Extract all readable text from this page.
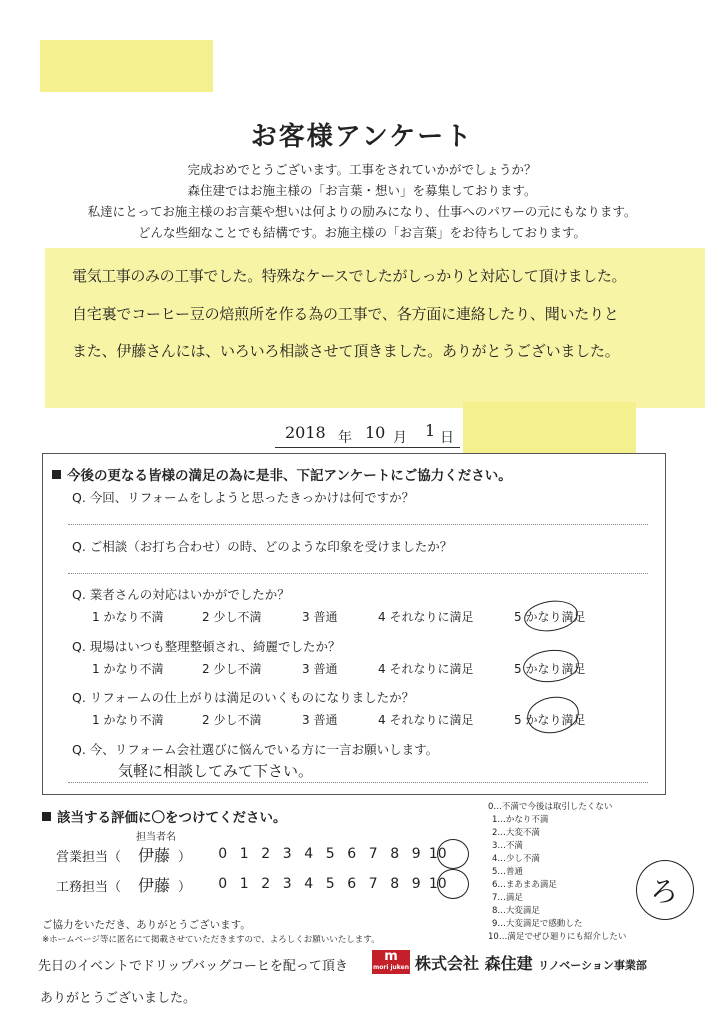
お客様アンケート
完成おめでとうございます。工事をされていかがでしょうか？
森住建ではお施主様の「お言葉・想い」を募集しております。
私達にとってお施主様のお言葉や想いは何よりの励みになり、仕事へのパワーの元にもなります。
どんな些細なことでも結構です。お施主様の「お言葉」をお待ちしております。
電気工事のみの工事でした。特殊なケースでしたがしっかりと対応して頂けました。
自宅裏でコーヒー豆の焙煎所を作る為の工事で、各方面に連絡したり、聞いたりと
また、伊藤さんには、いろいろ相談させて頂きました。ありがとうございました。
2018 年 10 月 1 日
今後の更なる皆様の満足の為に是非、下記アンケートにご協力ください。
Q. 今回、リフォームをしようと思ったきっかけは何ですか？
Q. ご相談（お打ち合わせ）の時、どのような印象を受けましたか？
Q. 業者さんの対応はいかがでしたか？
1 かなり不満	2 少し不満	3 普通	4 それなりに満足	5 かなり満足
Q. 現場はいつも整理整頓され、綺麗でしたか？
1 かなり不満	2 少し不満	3 普通	4 それなりに満足	5 かなり満足
Q. リフォームの仕上がりは満足のいくものになりましたか？
1 かなり不満	2 少し不満	3 普通	4 それなりに満足	5 かなり満足
Q. 今、リフォーム会社選びに悩んでいる方に一言お願いします。
気軽に相談してみて下さい。
該当する評価に〇をつけてください。
担当者名
営業担当（ 伊藤 ）	0 1 2 3 4 5 6 7 8 9 10
工務担当（ 伊藤 ）	0 1 2 3 4 5 6 7 8 9 10
0…不満で今後は取引したくない
1…かなり不満
2…大変不満
3…不満
4…少し不満
5…普通
6…まあまあ満足
7…満足
8…大変満足
9…大変満足で感動した
10…満足でぜひ廻りにも紹介したい
ろ
ご協力をいただき、ありがとうございます。
※ホームページ等に匿名にて掲載させていただきますので、よろしくお願いいたします。
先日のイベントでドリップバッグコーヒを配って頂き
ありがとうございました。
m
mori juken 株式会社 森住建 リノベーション事業部
